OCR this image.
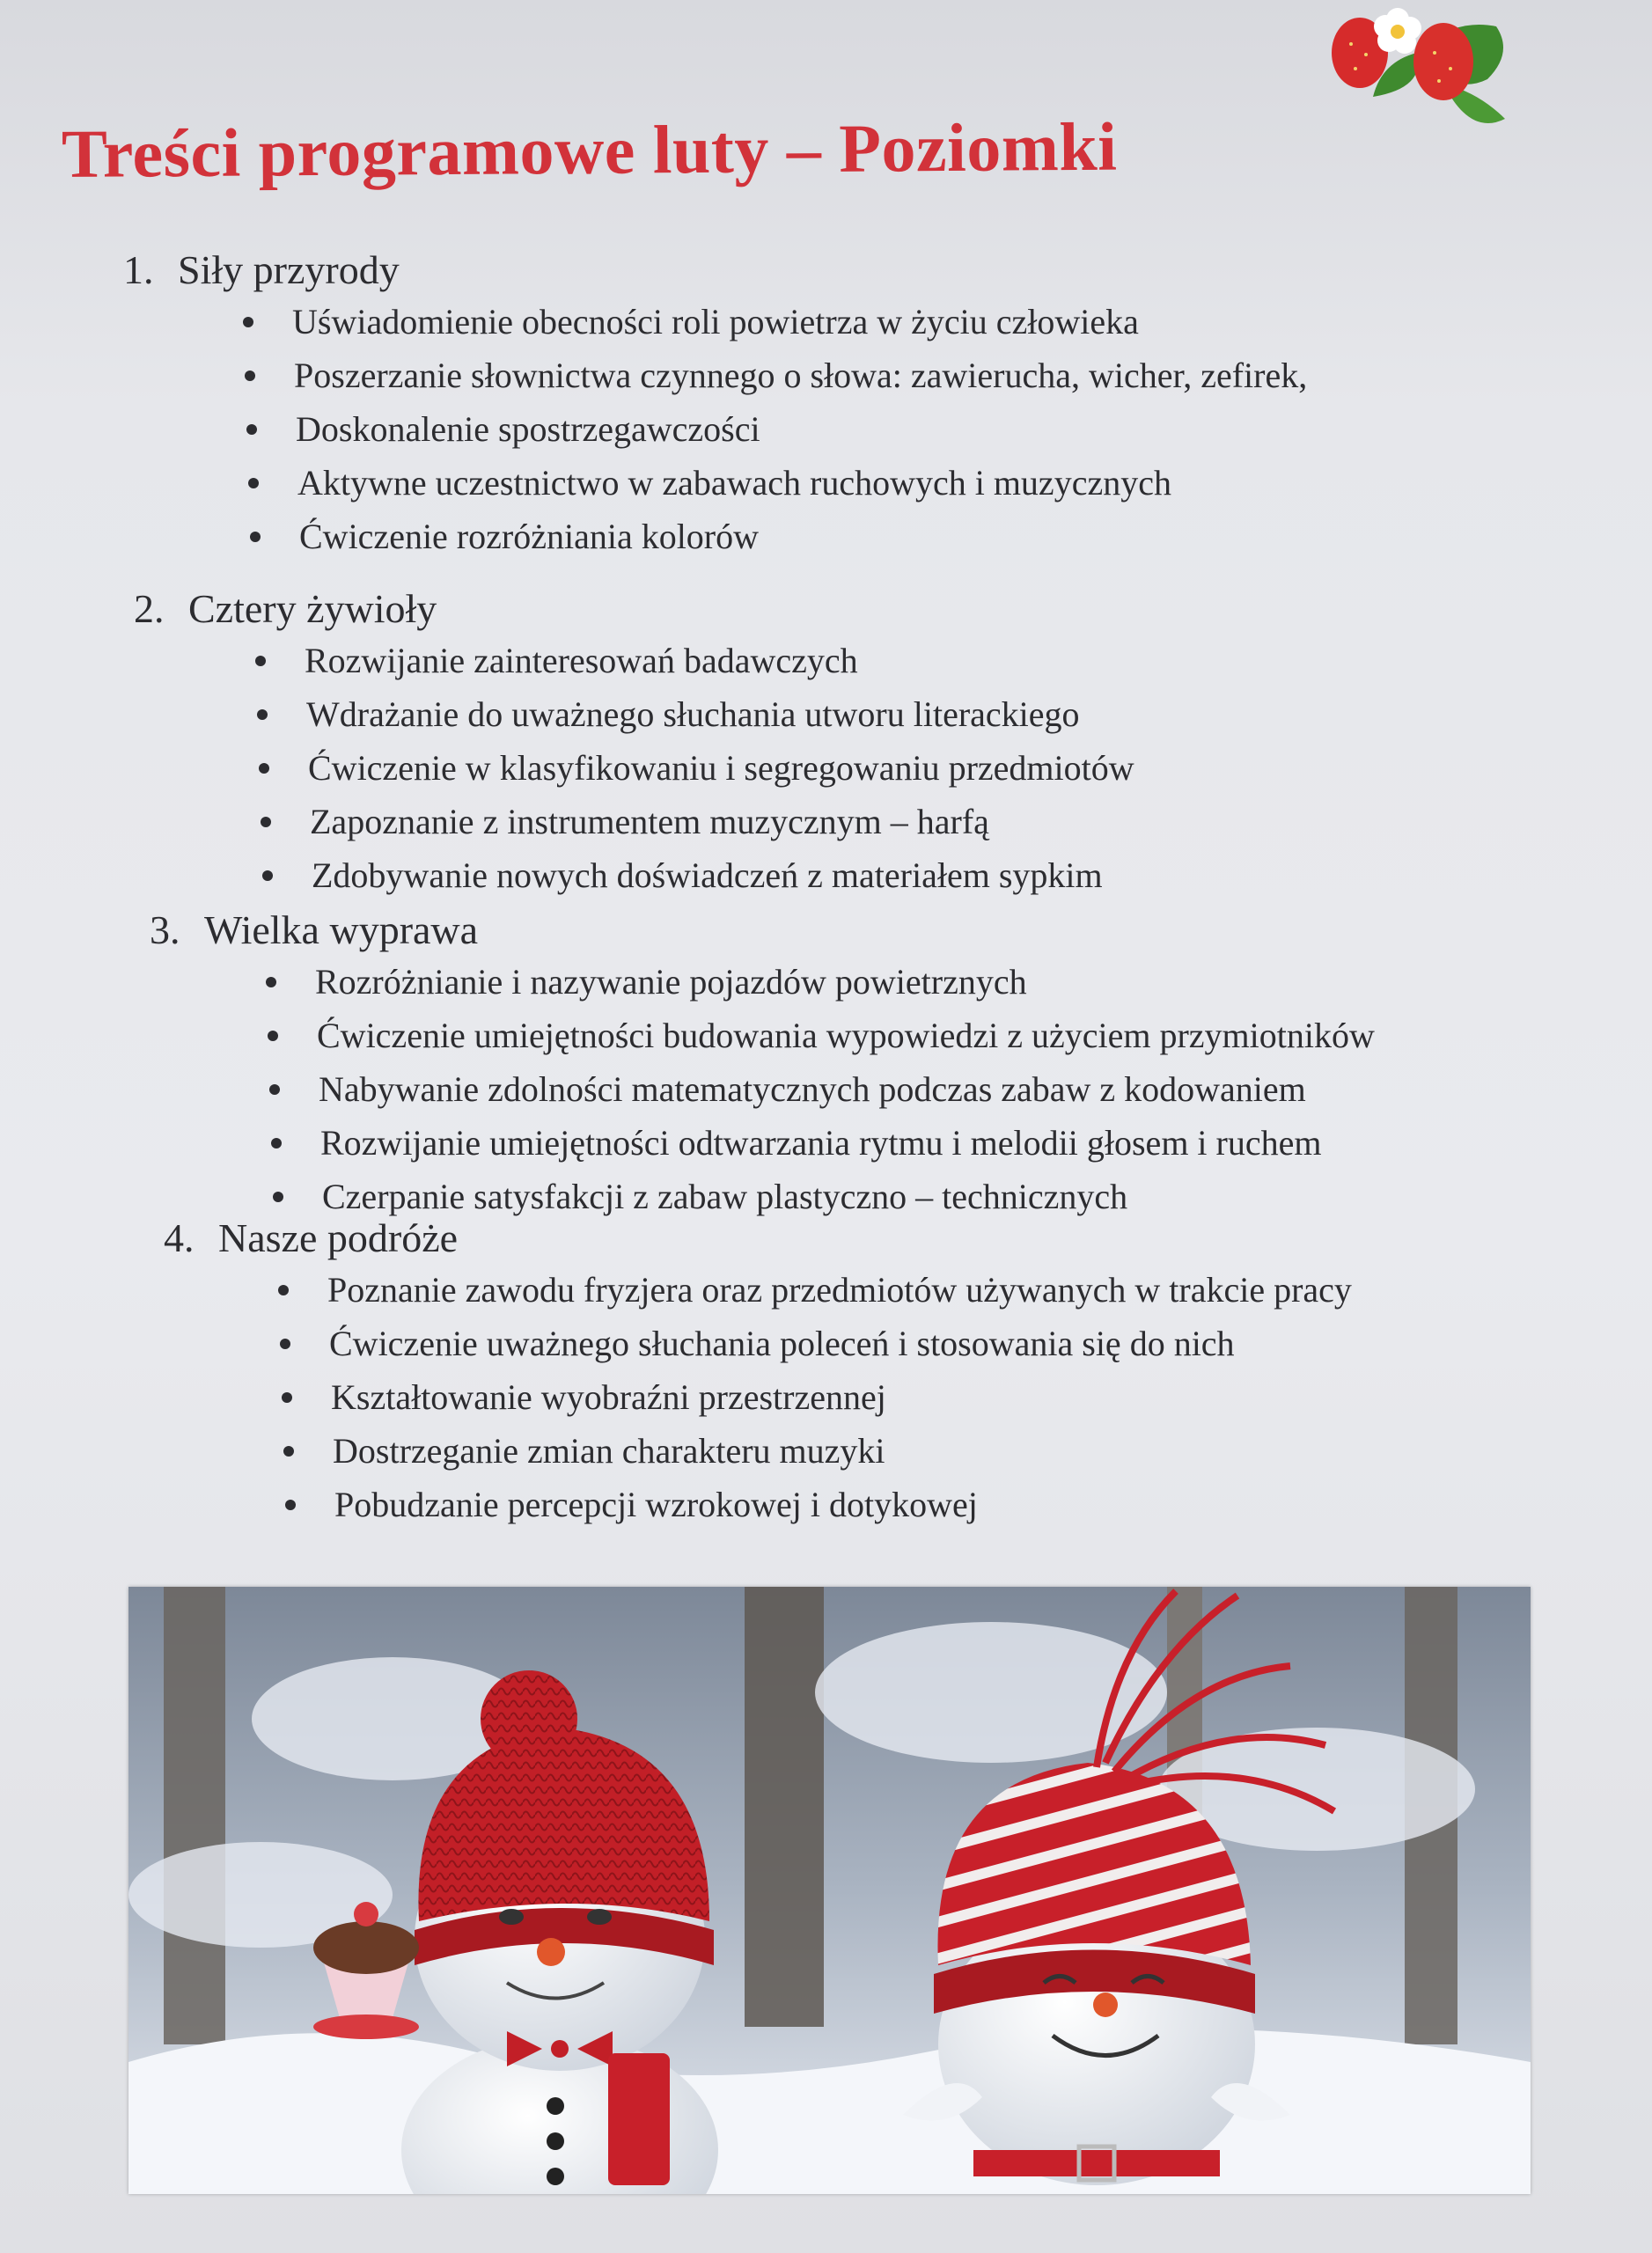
Treści programowe luty – Poziomki

1. Siły przyrody

Uświadomienie obecności roli powietrza w życiu człowieka
Poszerzanie słownictwa czynnego o słowa: zawierucha, wicher, zefirek,
Doskonalenie spostrzegawczości
Aktywne uczestnictwo w zabawach ruchowych i muzycznych
Ćwiczenie rozróżniania kolorów

2. Cztery żywioły

Rozwijanie zainteresowań badawczych
Wdrażanie do uważnego słuchania utworu literackiego
Ćwiczenie w klasyfikowaniu i segregowaniu przedmiotów
Zapoznanie z instrumentem muzycznym – harfą
Zdobywanie nowych doświadczeń z materiałem sypkim

3. Wielka wyprawa

Rozróżnianie i nazywanie pojazdów powietrznych
Ćwiczenie umiejętności budowania wypowiedzi z użyciem przymiotników
Nabywanie zdolności matematycznych podczas zabaw z kodowaniem
Rozwijanie umiejętności odtwarzania rytmu i melodii głosem i ruchem
Czerpanie satysfakcji z zabaw plastyczno – technicznych

4. Nasze podróże

Poznanie zawodu fryzjera oraz przedmiotów używanych w trakcie pracy
Ćwiczenie uważnego słuchania poleceń i stosowania się do nich
Kształtowanie wyobraźni przestrzennej
Dostrzeganie zmian charakteru muzyki
Pobudzanie percepcji wzrokowej i dotykowej
